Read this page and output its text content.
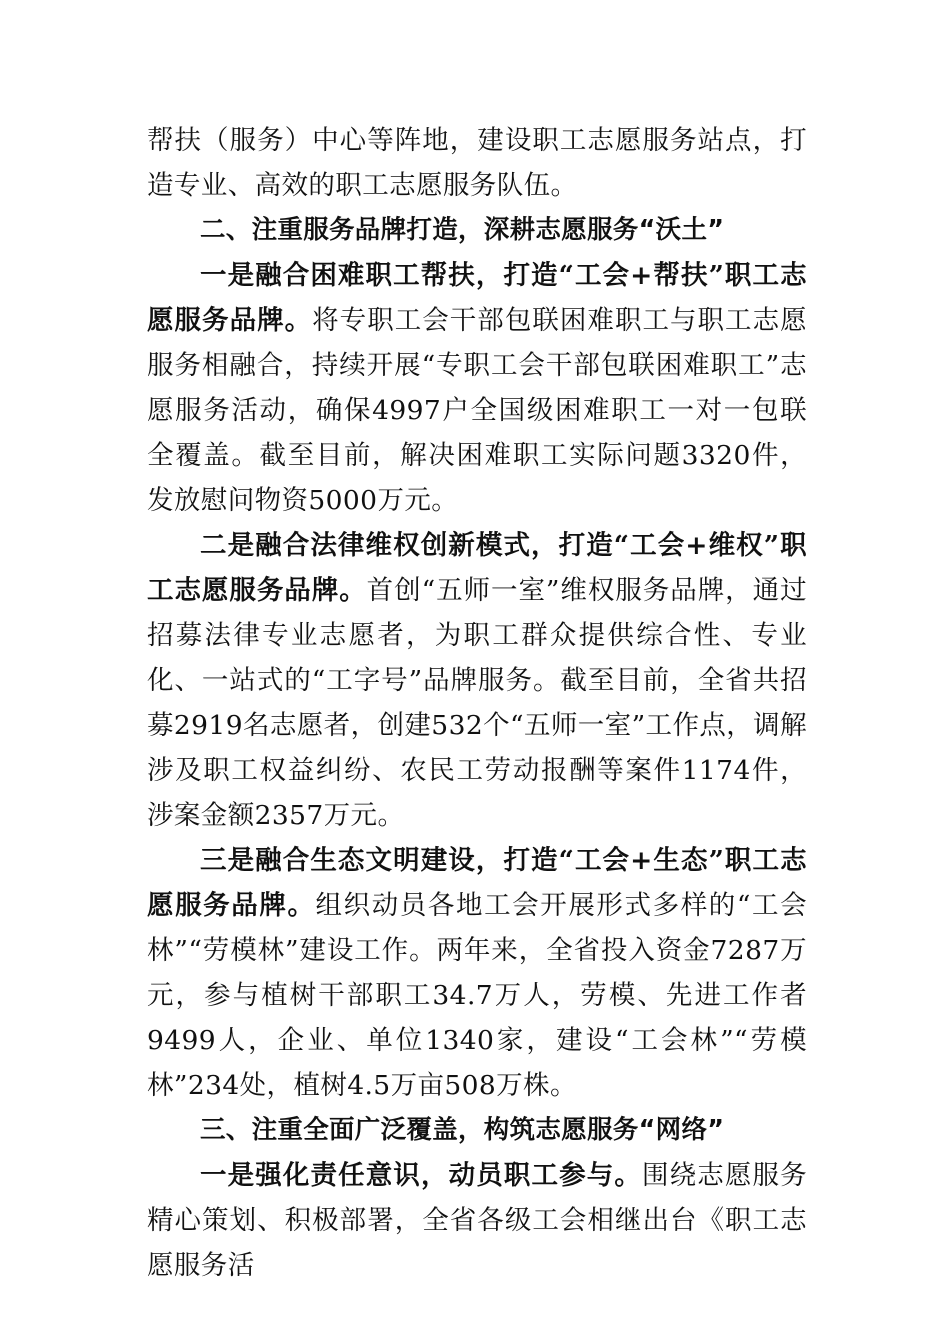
帮扶（服务）中心等阵地，建设职工志愿服务站点，打造专业、高效的职工志愿服务队伍。

二、注重服务品牌打造，深耕志愿服务“沃土”

一是融合困难职工帮扶，打造“工会+帮扶”职工志愿服务品牌。将专职工会干部包联困难职工与职工志愿服务相融合，持续开展“专职工会干部包联困难职工”志愿服务活动，确保4997户全国级困难职工一对一包联全覆盖。截至目前，解决困难职工实际问题3320件，发放慰问物资5000万元。

二是融合法律维权创新模式，打造“工会+维权”职工志愿服务品牌。首创“五师一室”维权服务品牌，通过招募法律专业志愿者，为职工群众提供综合性、专业化、一站式的“工字号”品牌服务。截至目前，全省共招募2919名志愿者，创建532个“五师一室”工作点，调解涉及职工权益纠纷、农民工劳动报酬等案件1174件，涉案金额2357万元。

三是融合生态文明建设，打造“工会+生态”职工志愿服务品牌。组织动员各地工会开展形式多样的“工会林”“劳模林”建设工作。两年来，全省投入资金7287万元，参与植树干部职工34.7万人，劳模、先进工作者9499人，企业、单位1340家，建设“工会林”“劳模林”234处，植树4.5万亩508万株。

三、注重全面广泛覆盖，构筑志愿服务“网络”

一是强化责任意识，动员职工参与。围绕志愿服务精心策划、积极部署，全省各级工会相继出台《职工志愿服务活
